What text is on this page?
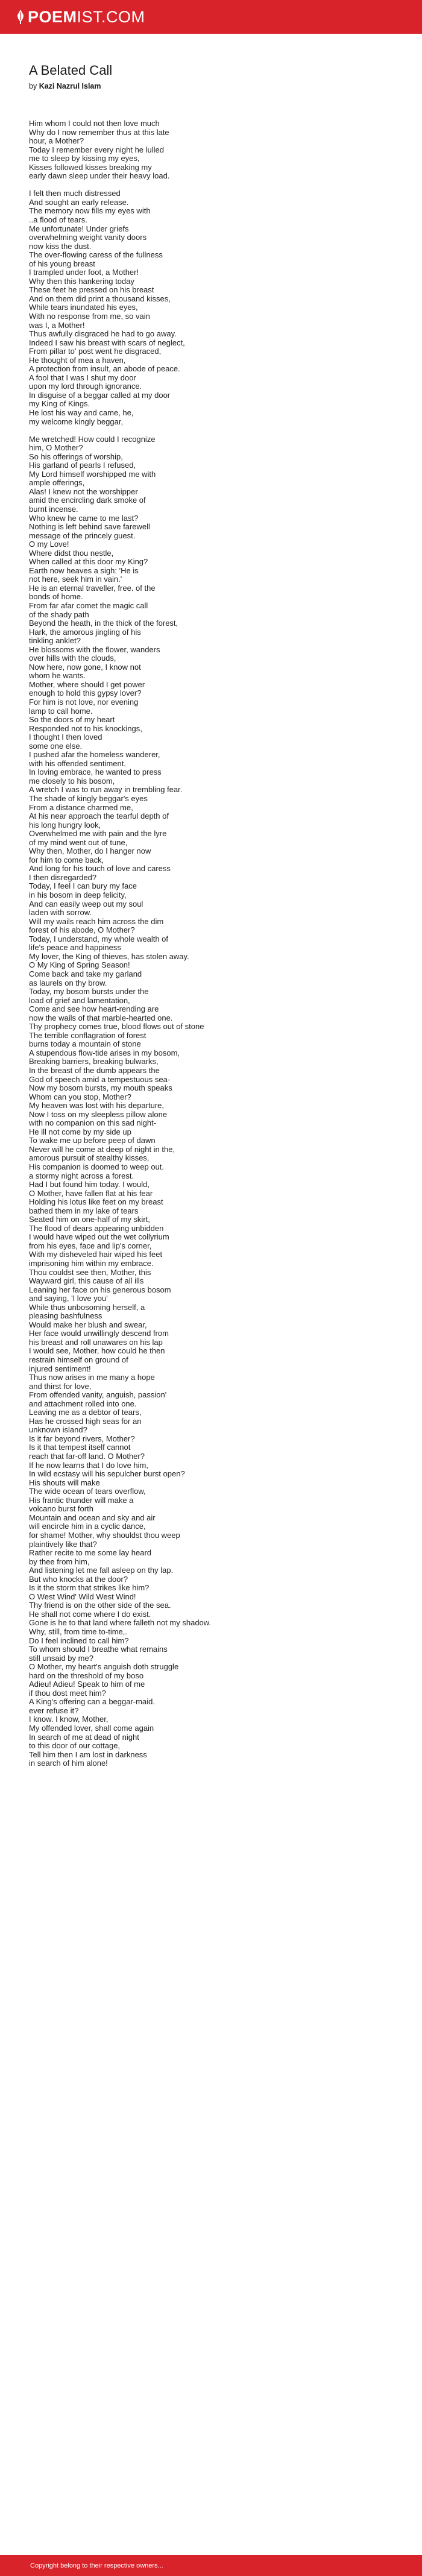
POEMIST.COM
A Belated Call
by Kazi Nazrul Islam
Him whom I could not then love much
Why do I now remember thus at this late
hour, a Mother?
Today I remember every night he lulled
me to sleep by kissing my eyes,
Kisses followed kisses breaking my
early dawn sleep under their heavy load.
I felt then much distressed
And sought an early release.
The memory now fills my eyes with
..a flood of tears.
Me unfortunate! Under griefs
overwhelming weight vanity doors
now kiss the dust.
The over-flowing caress of the fullness
of his young breast
I trampled under foot, a Mother!
Why then this hankering today
These feet he pressed on his breast
And on them did print a thousand kisses,
While tears inundated his eyes,
With no response from me, so vain
was I, a Mother!
Thus awfully disgraced he had to go away.
Indeed I saw his breast with scars of neglect,
From pillar to' post went he disgraced,
He thought of mea a haven,
A protection from insult, an abode of peace.
A fool that I was I shut my door
upon my lord through ignorance.
In disguise of a beggar called at my door
my King of Kings.
He lost his way and came, he,
my welcome kingly beggar,
Me wretched! How could I recognize
him, O Mother?
So his offerings of worship,
His garland of pearls I refused,
My Lord himself worshipped me with
ample offerings,
Alas! I knew not the worshipper
amid the encircling dark smoke of
burnt incense.
Who knew he came to me last?
Nothing is left behind save farewell
message of the princely guest.
O my Love!
Where didst thou nestle,
When called at this door my King?
Earth now heaves a sigh: 'He is
not here, seek him in vain.'
He is an eternal traveller, free. of the
bonds of home.
From far afar comet the magic call
of the shady path
Beyond the heath, in the thick of the forest,
Hark, the amorous jingling of his
tinkling anklet?
He blossoms with the flower, wanders
over hills with the clouds,
Now here, now gone, I know not
whom he wants.
Mother, where should I get power
enough to hold this gypsy lover?
For him is not love, nor evening
lamp to call home.
So the doors of my heart
Responded not to his knockings,
I thought I then loved
some one else.
I pushed afar the homeless wanderer,
with his offended sentiment.
In loving embrace, he wanted to press
me closely to his bosom,
A wretch I was to run away in trembling fear.
The shade of kingly beggar's eyes
From a distance charmed me,
At his near approach the tearful depth of
his long hungry look,
Overwhelmed me with pain and the lyre
of my mind went out of tune,
Why then, Mother, do I hanger now
for him to come back,
And long for his touch of love and caress
I then disregarded?
Today, I feel I can bury my face
in his bosom in deep felicity,
And can easily weep out my soul
laden with sorrow.
Will my wails reach him across the dim
forest of his abode, O Mother?
Today, I understand, my whole wealth of
life's peace and happiness
My lover, the King of thieves, has stolen away.
O My King of Spring Season!
Come back and take my garland
as laurels on thy brow.
Today, my bosom bursts under the
load of grief and lamentation,
Come and see how heart-rending are
now the wails of that marble-hearted one.
Thy prophecy comes true, blood flows out of stone
The terrible conflagration of forest
burns today a mountain of stone
A stupendous flow-tide arises in my bosom,
Breaking barriers, breaking bulwarks,
In the breast of the dumb appears the
God of speech amid a tempestuous sea-
Now my bosom bursts, my mouth speaks
Whom can you stop, Mother?
My heaven was lost with his departure,
Now I toss on my sleepless pillow alone
with no companion on this sad night-
He ill not come by my side up
To wake me up before peep of dawn
Never will he come at deep of night in the,
amorous pursuit of stealthy kisses,
His companion is doomed to weep out.
a stormy night across a forest.
Had I but found him today. I would,
O Mother, have fallen flat at his fear
Holding his lotus like feet on my breast
bathed them in my lake of tears
Seated him on one-half of my skirt,
The flood of dears appearing unbidden
I would have wiped out the wet collyrium
from his eyes, face and lip's corner,
With my disheveled hair wiped his feet
imprisoning him within my embrace.
Thou couldst see then, Mother, this
Wayward girl, this cause of all ills
Leaning her face on his generous bosom
and saying, 'I love you'
While thus unbosoming herself, a
pleasing bashfulness
Would make her blush and swear,
Her face would unwillingly descend from
his breast and roll unawares on his lap
I would see, Mother, how could he then
restrain himself on ground of
injured sentiment!
Thus now arises in me many a hope
and thirst for love,
From offended vanity, anguish, passion'
and attachment rolled into one.
Leaving me as a debtor of tears,
Has he crossed high seas for an
unknown island?
Is it far beyond rivers, Mother?
Is it that tempest itself cannot
reach that far-off land. O Mother?
If he now learns that I do love him,
In wild ecstasy will his sepulcher burst open?
His shouts will make
The wide ocean of tears overflow,
His frantic thunder will make a
volcano burst forth
Mountain and ocean and sky and air
will encircle him in a cyclic dance,
for shame! Mother, why shouldst thou weep
plaintively like that?
Rather recite to me some lay heard
by thee from him,
And listening let me fall asleep on thy lap.
But who knocks at the door?
Is it the storm that strikes like him?
O West Wind' Wild West Wind!
Thy friend is on the other side of the sea.
He shall not come where I do exist.
Gone is he to that land where falleth not my shadow.
Why, still, from time to-time,.
Do I feel inclined to call him?
To whom should I breathe what remains
still unsaid by me?
O Mother, my heart's anguish doth struggle
hard on the threshold of my boso
Adieu! Adieu! Speak to him of me
if thou dost meet him?
A King's offering can a beggar-maid.
ever refuse it?
I know. I know, Mother,
My offended lover, shall come again
In search of me at dead of night
to this door of our cottage,
Tell him then I am lost in darkness
in search of him alone!
Copyright belong to their respective owners...
